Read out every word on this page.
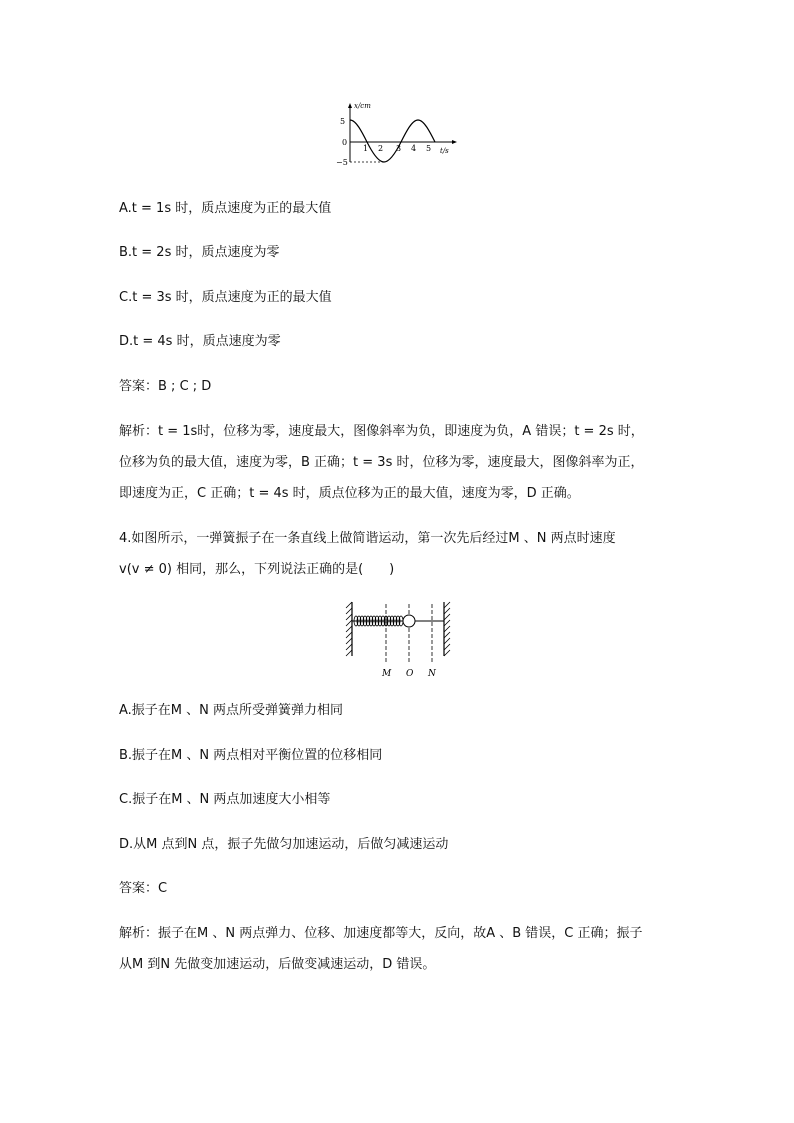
x/cm
t/s
5
0
−5
1 2 3 4 5
A.t = 1s 时，质点速度为正的最大值
B.t = 2s 时，质点速度为零
C.t = 3s 时，质点速度为正的最大值
D.t = 4s 时，质点速度为零
答案：B ; C ; D
解析：t = 1s时，位移为零，速度最大，图像斜率为负，即速度为负，A 错误；t = 2s 时，
位移为负的最大值，速度为零，B 正确；t = 3s 时，位移为零，速度最大，图像斜率为正，
即速度为正，C 正确；t = 4s 时，质点位移为正的最大值，速度为零，D 正确。
4.如图所示，一弹簧振子在一条直线上做简谐运动，第一次先后经过M 、N 两点时速度
v(v ≠ 0) 相同，那么，下列说法正确的是(　　)
M O N
A.振子在M 、N 两点所受弹簧弹力相同
B.振子在M 、N 两点相对平衡位置的位移相同
C.振子在M 、N 两点加速度大小相等
D.从M 点到N 点，振子先做匀加速运动，后做匀减速运动
答案：C
解析：振子在M 、N 两点弹力、位移、加速度都等大，反向，故A 、B 错误，C 正确；振子
从M 到N 先做变加速运动，后做变减速运动，D 错误。
